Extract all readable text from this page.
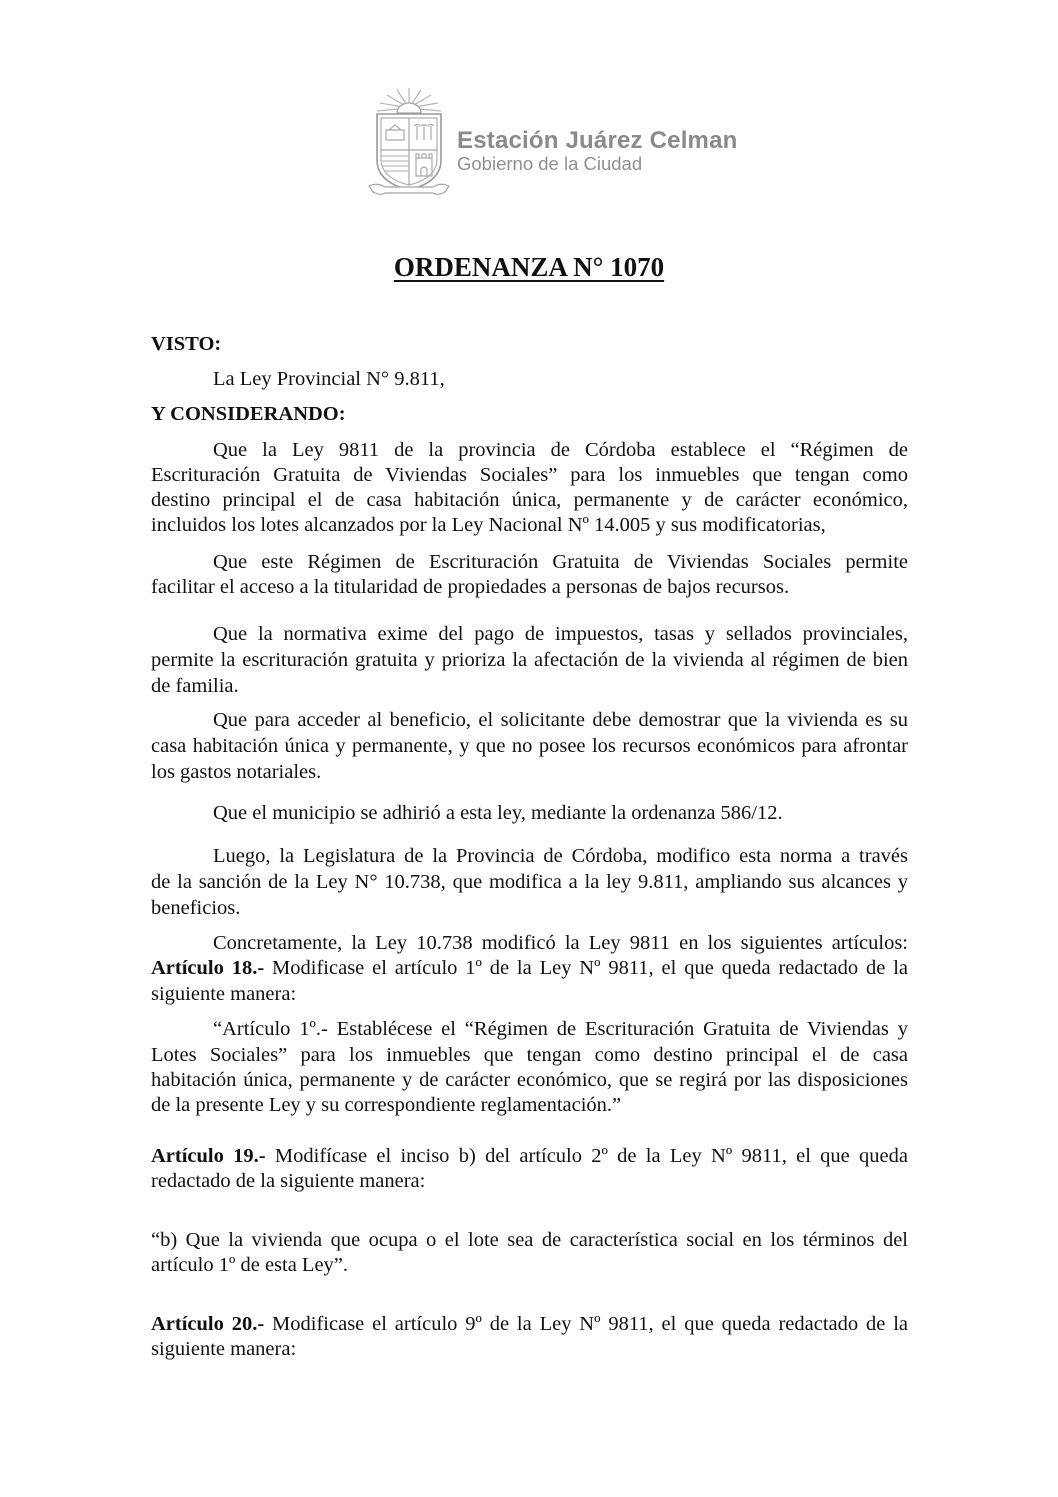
Estación Juárez Celman
Gobierno de la Ciudad
ORDENANZA N° 1070
VISTO:
La Ley Provincial N° 9.811,
Y CONSIDERANDO:
Que la Ley 9811 de la provincia de Córdoba establece el “Régimen de
Escrituración Gratuita de Viviendas Sociales” para los inmuebles que tengan como
destino principal el de casa habitación única, permanente y de carácter económico,
incluidos los lotes alcanzados por la Ley Nacional Nº 14.005 y sus modificatorias,
Que este Régimen de Escrituración Gratuita de Viviendas Sociales permite
facilitar el acceso a la titularidad de propiedades a personas de bajos recursos.
Que la normativa exime del pago de impuestos, tasas y sellados provinciales,
permite la escrituración gratuita y prioriza la afectación de la vivienda al régimen de bien
de familia.
Que para acceder al beneficio, el solicitante debe demostrar que la vivienda es su
casa habitación única y permanente, y que no posee los recursos económicos para afrontar
los gastos notariales.
Que el municipio se adhirió a esta ley, mediante la ordenanza 586/12.
Luego, la Legislatura de la Provincia de Córdoba, modifico esta norma a través
de la sanción de la Ley N° 10.738, que modifica a la ley 9.811, ampliando sus alcances y
beneficios.
Concretamente, la Ley 10.738 modificó la Ley 9811 en los siguientes artículos:
Artículo 18.- Modificase el artículo 1º de la Ley Nº 9811, el que queda redactado de la
siguiente manera:
“Artículo 1º.- Establécese el “Régimen de Escrituración Gratuita de Viviendas y
Lotes Sociales” para los inmuebles que tengan como destino principal el de casa
habitación única, permanente y de carácter económico, que se regirá por las disposiciones
de la presente Ley y su correspondiente reglamentación.”
Artículo 19.- Modifícase el inciso b) del artículo 2º de la Ley Nº 9811, el que queda
redactado de la siguiente manera:
“b) Que la vivienda que ocupa o el lote sea de característica social en los términos del
artículo 1º de esta Ley”.
Artículo 20.- Modificase el artículo 9º de la Ley Nº 9811, el que queda redactado de la
siguiente manera:
